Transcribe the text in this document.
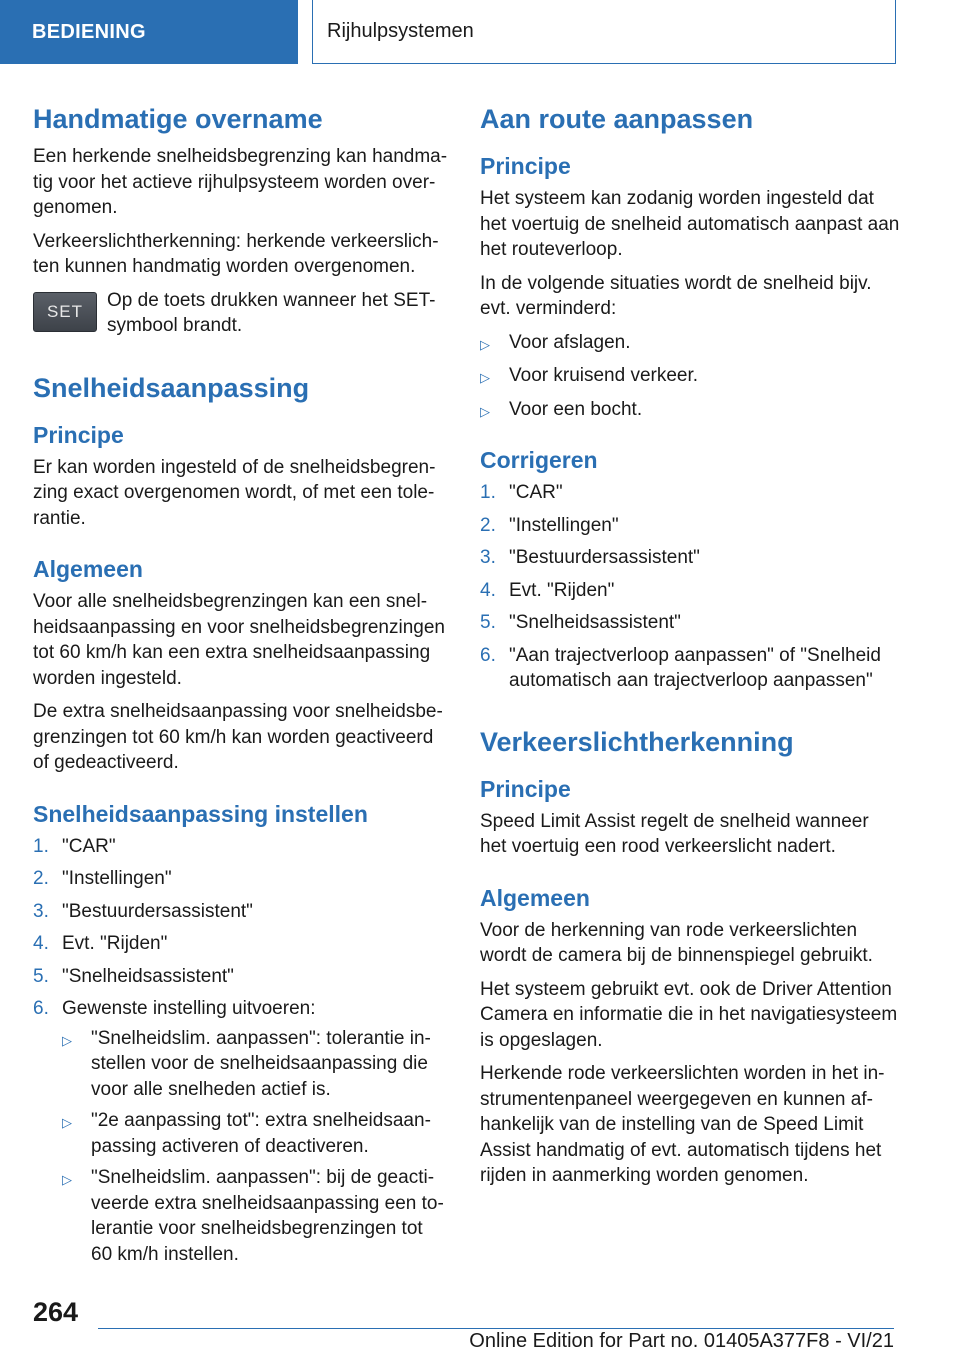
BEDIENING	Rijhulpsystemen
Handmatige overname

Een herkende snelheidsbegrenzing kan handmatig voor het actieve rijhulpsysteem worden overgenomen.

Verkeerslichtherkenning: herkende verkeerslichten kunnen handmatig worden overgenomen.

SET

Op de toets drukken wanneer het SET-symbool brandt.

Snelheidsaanpassing
Principe

Er kan worden ingesteld of de snelheidsbegrenzing exact overgenomen wordt, of met een tolerantie.

Algemeen

Voor alle snelheidsbegrenzingen kan een snelheidsaanpassing en voor snelheidsbegrenzingen tot 60 km/h kan een extra snelheidsaanpassing worden ingesteld.

De extra snelheidsaanpassing voor snelheidsbegrenzingen tot 60 km/h kan worden geactiveerd of gedeactiveerd.

Snelheidsaanpassing instellen
1. "CAR"
2. "Instellingen"
3. "Bestuurdersassistent"
4. Evt. "Rijden"
5. "Snelheidsassistent"
6. Gewenste instelling uitvoeren:
▷	"Snelheidslim. aanpassen": tolerantie instellen voor de snelheidsaanpassing die voor alle snelheden actief is.
▷	"2e aanpassing tot": extra snelheidsaanpassing activeren of deactiveren.
▷	"Snelheidslim. aanpassen": bij de geactiveerde extra snelheidsaanpassing een tolerantie voor snelheidsbegrenzingen tot 60 km/h instellen.
Aan route aanpassen
Principe

Het systeem kan zodanig worden ingesteld dat het voertuig de snelheid automatisch aanpast aan het routeverloop.

In de volgende situaties wordt de snelheid bijv. evt. verminderd:

▷	Voor afslagen.
▷	Voor kruisend verkeer.
▷	Voor een bocht.
Corrigeren
1. "CAR"
2. "Instellingen"
3. "Bestuurdersassistent"
4. Evt. "Rijden"
5. "Snelheidsassistent"
6. "Aan trajectverloop aanpassen" of "Snelheid automatisch aan trajectverloop aanpassen"
Verkeerslichtherkenning
Principe

Speed Limit Assist regelt de snelheid wanneer het voertuig een rood verkeerslicht nadert.

Algemeen

Voor de herkenning van rode verkeerslichten wordt de camera bij de binnenspiegel gebruikt.

Het systeem gebruikt evt. ook de Driver Attention Camera en informatie die in het navigatiesysteem is opgeslagen.

Herkende rode verkeerslichten worden in het instrumentenpaneel weergegeven en kunnen afhankelijk van de instelling van de Speed Limit Assist handmatig of evt. automatisch tijdens het rijden in aanmerking worden genomen.

264
Online Edition for Part no. 01405A377F8 - VI/21
